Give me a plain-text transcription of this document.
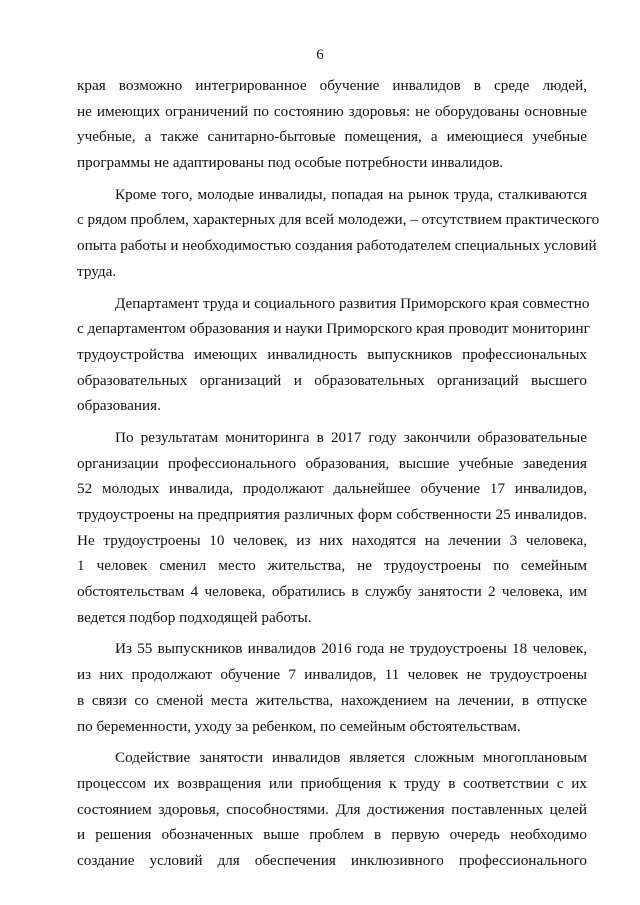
6
края возможно интегрированное обучение инвалидов в среде людей,
не имеющих ограничений по состоянию здоровья: не оборудованы основные
учебные, а также санитарно-бытовые помещения, а имеющиеся учебные
программы не адаптированы под особые потребности инвалидов.
Кроме того, молодые инвалиды, попадая на рынок труда, сталкиваются
с рядом проблем, характерных для всей молодежи, – отсутствием практического
опыта работы и необходимостью создания работодателем специальных условий
труда.
Департамент труда и социального развития Приморского края совместно
с департаментом образования и науки Приморского края проводит мониторинг
трудоустройства имеющих инвалидность выпускников профессиональных
образовательных организаций и образовательных организаций высшего
образования.
По результатам мониторинга в 2017 году закончили образовательные
организации профессионального образования, высшие учебные заведения
52 молодых инвалида, продолжают дальнейшее обучение 17 инвалидов,
трудоустроены на предприятия различных форм собственности 25 инвалидов.
Не трудоустроены 10 человек, из них находятся на лечении 3 человека,
1 человек сменил место жительства, не трудоустроены по семейным
обстоятельствам 4 человека, обратились в службу занятости 2 человека, им
ведется подбор подходящей работы.
Из 55 выпускников инвалидов 2016 года не трудоустроены 18 человек,
из них продолжают обучение 7 инвалидов, 11 человек не трудоустроены
в связи со сменой места жительства, нахождением на лечении, в отпуске
по беременности, уходу за ребенком, по семейным обстоятельствам.
Содействие занятости инвалидов является сложным многоплановым
процессом их возвращения или приобщения к труду в соответствии с их
состоянием здоровья, способностями. Для достижения поставленных целей
и решения обозначенных выше проблем в первую очередь необходимо
создание условий для обеспечения инклюзивного профессионального
